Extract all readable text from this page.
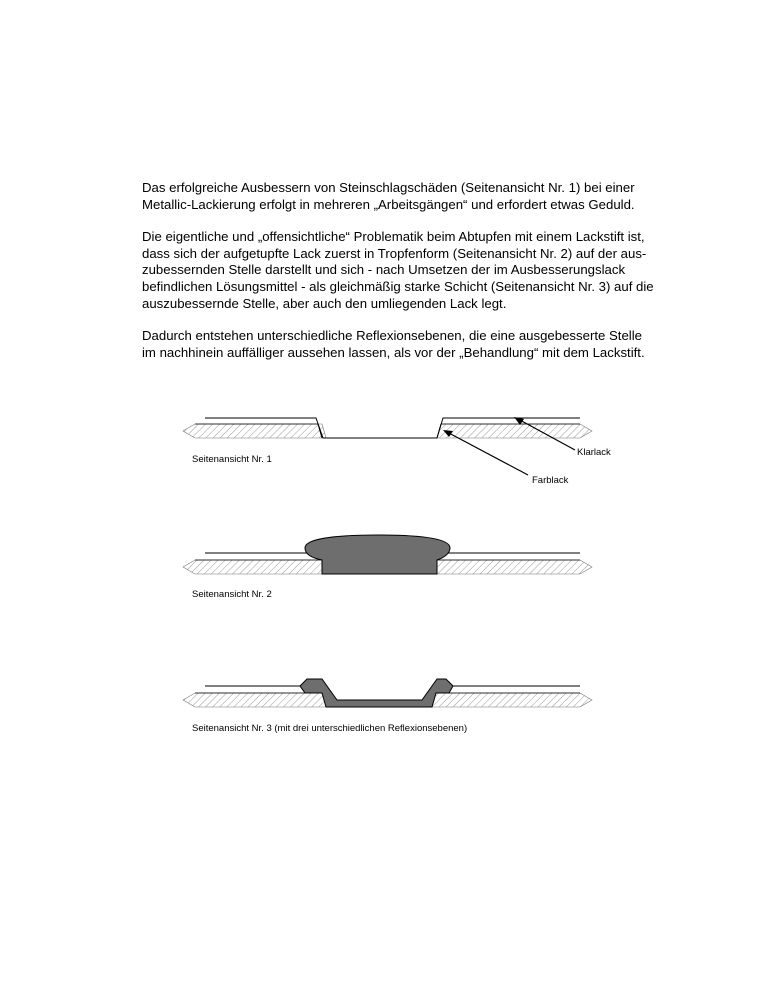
Das erfolgreiche Ausbessern von Steinschlagschäden (Seitenansicht Nr. 1) bei einer
Metallic-Lackierung erfolgt in mehreren „Arbeitsgängen“ und erfordert etwas Geduld.

Die eigentliche und „offensichtliche“ Problematik beim Abtupfen mit einem Lackstift ist,
dass sich der aufgetupfte Lack zuerst in Tropfenform (Seitenansicht Nr. 2) auf der aus-
zubessernden Stelle darstellt und sich - nach Umsetzen der im Ausbesserungslack
befindlichen Lösungsmittel - als gleichmäßig starke Schicht (Seitenansicht Nr. 3) auf die
auszubessernde Stelle, aber auch den umliegenden Lack legt.

Dadurch entstehen unterschiedliche Reflexionsebenen, die eine ausgebesserte Stelle
im nachhinein auffälliger aussehen lassen, als vor der „Behandlung“ mit dem Lackstift.

Klarlack
Farblack
Seitenansicht Nr. 1
Seitenansicht Nr. 2
Seitenansicht Nr. 3 (mit drei unterschiedlichen Reflexionsebenen)
